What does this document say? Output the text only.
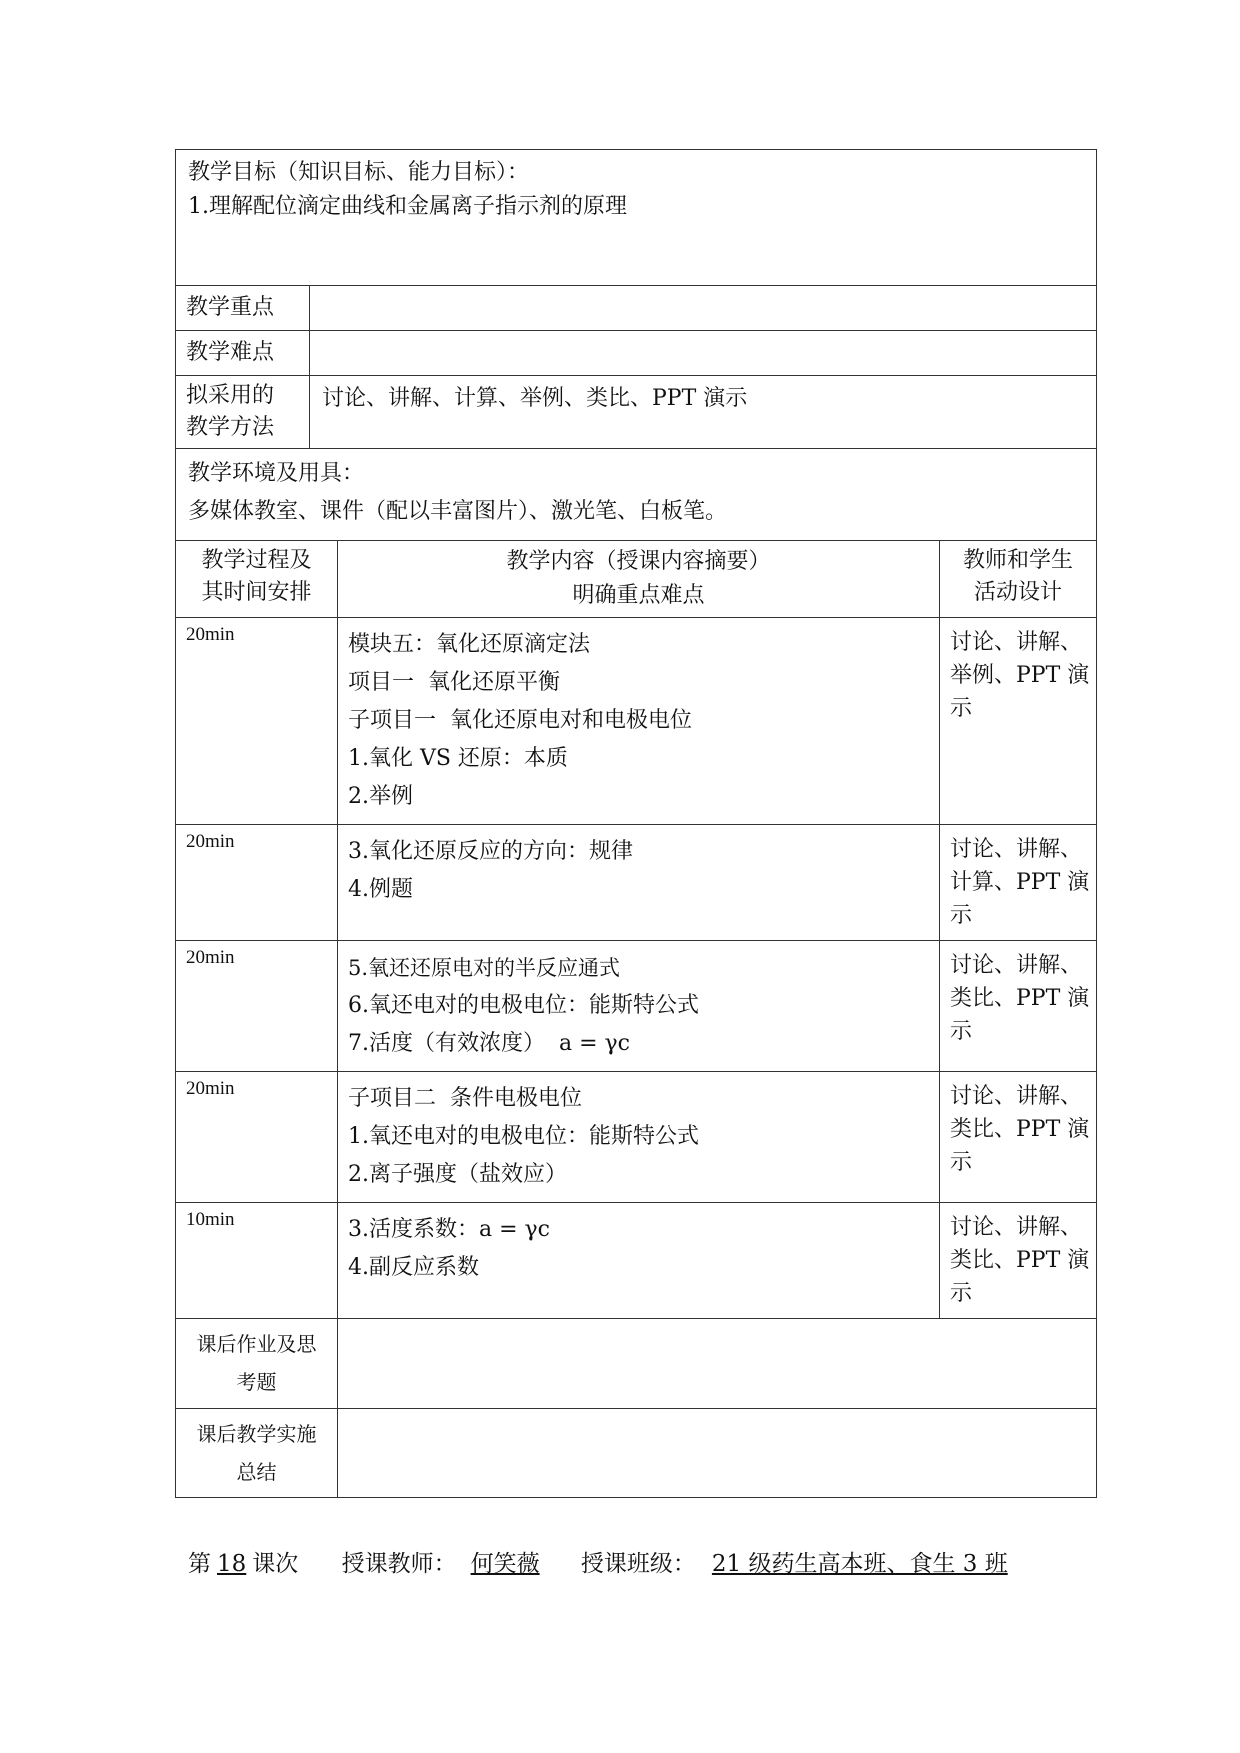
教学目标（知识目标、能力目标）：
1.理解配位滴定曲线和金属离子指示剂的原理			

教学重点			

教学难点			

拟采用的
教学方法	讨论、讲解、计算、举例、类比、PPT 演示		

教学环境及用具：
多媒体教室、课件（配以丰富图片）、激光笔、白板笔。			

教学过程及
其时间安排		教学内容（授课内容摘要）
明确重点难点	教师和学生
活动设计

20min		模块五：氧化还原滴定法
项目一  氧化还原平衡
子项目一  氧化还原电对和电极电位
1.氧化 VS 还原：本质
2.举例	讨论、讲解、
举例、PPT 演
示

20min		3.氧化还原反应的方向：规律
4.例题	讨论、讲解、
计算、PPT 演
示

20min		5.氧还还原电对的半反应通式
6.氧还电对的电极电位：能斯特公式
7.活度（有效浓度）  a = γc	讨论、讲解、
类比、PPT 演
示

20min		子项目二  条件电极电位
1.氧还电对的电极电位：能斯特公式
2.离子强度（盐效应）	讨论、讲解、
类比、PPT 演
示

10min		3.活度系数：a = γc
4.副反应系数	讨论、讲解、
类比、PPT 演
示

课后作业及思
考题			

课后教学实施
总结			

第 18 课次 授课教师： 何笑薇 授课班级： 21 级药生高本班、食生 3 班
